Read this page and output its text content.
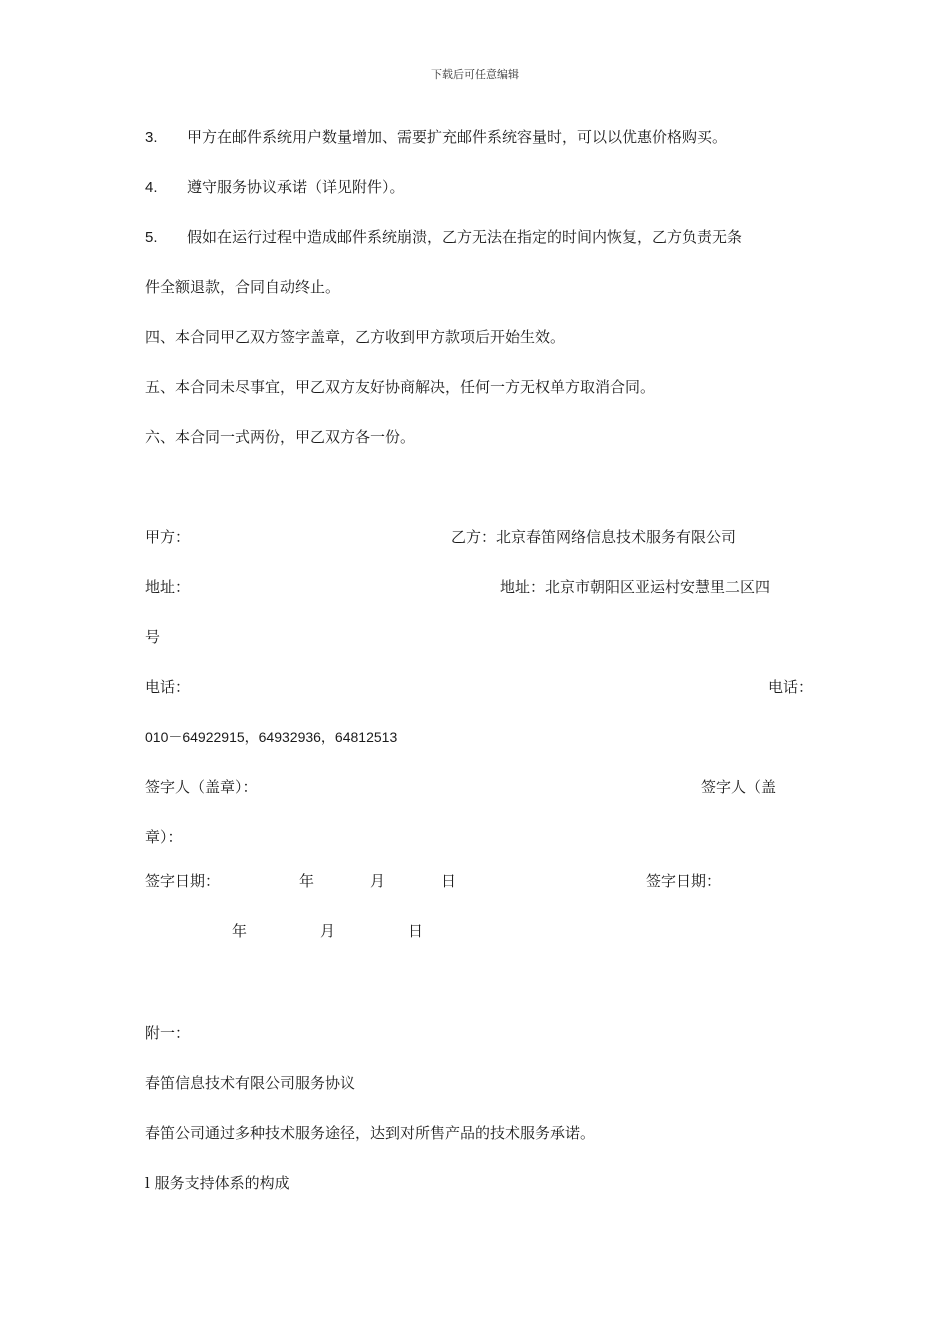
下载后可任意编辑
3. 甲方在邮件系统用户数量增加、需要扩充邮件系统容量时，可以以优惠价格购买。
4. 遵守服务协议承诺（详见附件）。
5. 假如在运行过程中造成邮件系统崩溃，乙方无法在指定的时间内恢复，乙方负责无条
件全额退款，合同自动终止。
四、本合同甲乙双方签字盖章，乙方收到甲方款项后开始生效。
五、本合同未尽事宜，甲乙双方友好协商解决，任何一方无权单方取消合同。
六、本合同一式两份，甲乙双方各一份。
甲方：	乙方：北京春笛网络信息技术服务有限公司
地址：	地址：北京市朝阳区亚运村安慧里二区四
号
电话：	电话：
010－64922915，64932936，64812513
签字人（盖章）：	签字人（盖
章）：
签字日期：	年	月	日	签字日期：
年	月	日
附一：
春笛信息技术有限公司服务协议
春笛公司通过多种技术服务途径，达到对所售产品的技术服务承诺。
l 服务支持体系的构成
